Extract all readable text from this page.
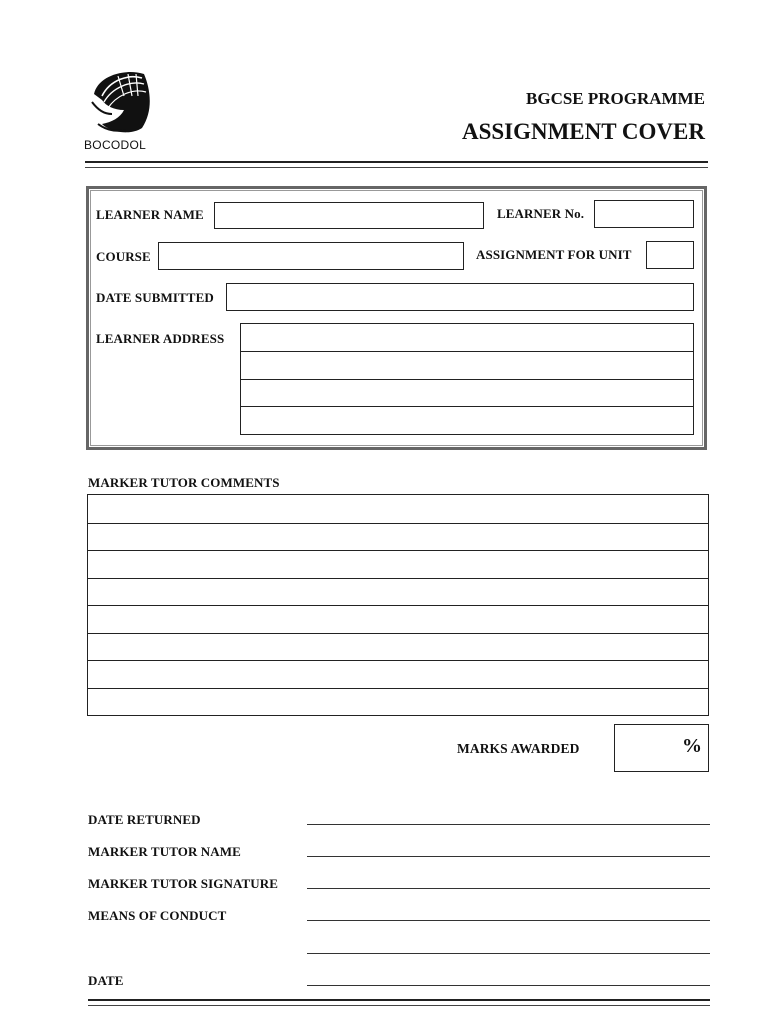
BOCODOL
BGCSE PROGRAMME
ASSIGNMENT COVER
LEARNER NAME	LEARNER No.
COURSE	ASSIGNMENT FOR UNIT
DATE SUBMITTED
LEARNER ADDRESS
MARKER TUTOR COMMENTS
MARKS AWARDED	%
DATE RETURNED
MARKER TUTOR NAME
MARKER TUTOR SIGNATURE
MEANS OF CONDUCT
DATE
